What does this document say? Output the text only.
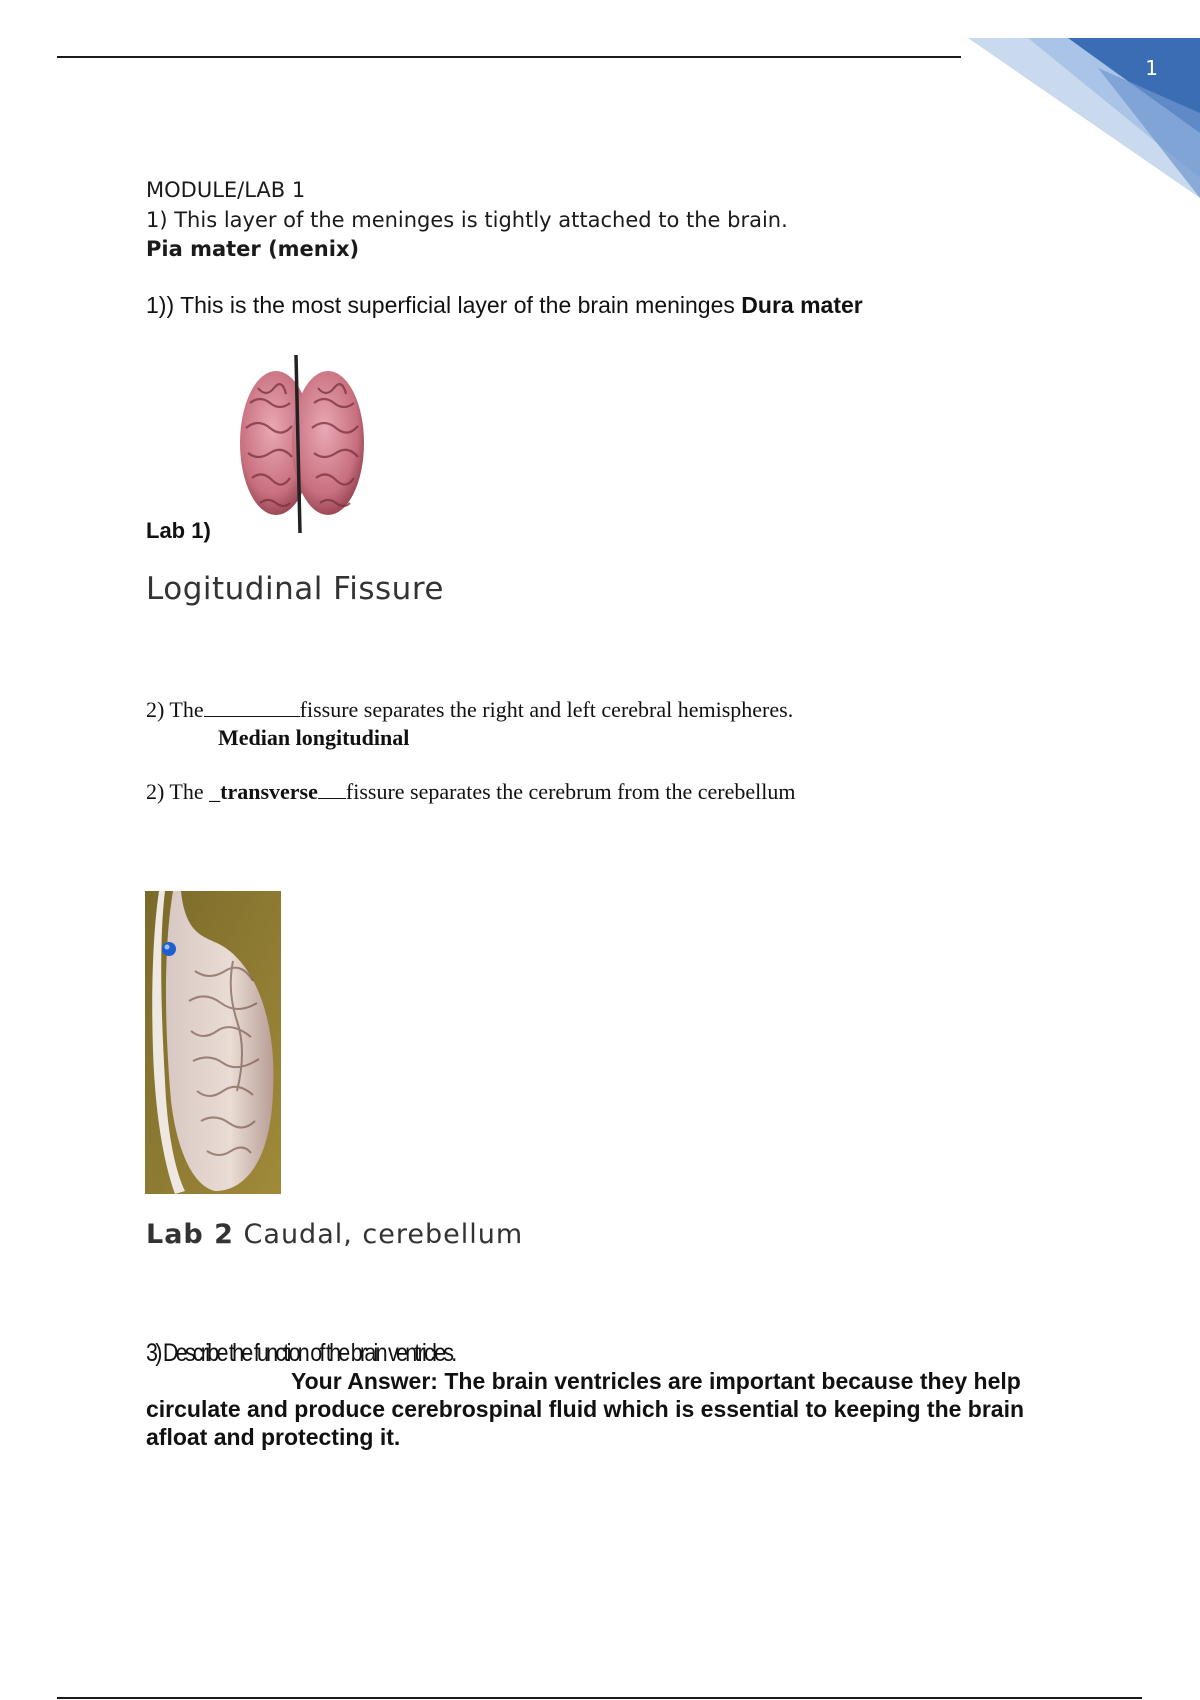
1
MODULE/LAB 1
1) This layer of the meninges is tightly attached to the brain.
Pia mater (menix)
1)) This is the most superficial layer of the brain meninges Dura mater
Lab 1)
Logitudinal Fissure
2) The	fissure separates the right and left cerebral hemispheres.
Median longitudinal
2) The _transverse fissure separates the cerebrum from the cerebellum
Lab 2 Caudal, cerebellum
3) Describe the function of the brain ventricles.
Your Answer: The brain ventricles are important because they help circulate and produce cerebrospinal fluid which is essential to keeping the brain afloat and protecting it.
